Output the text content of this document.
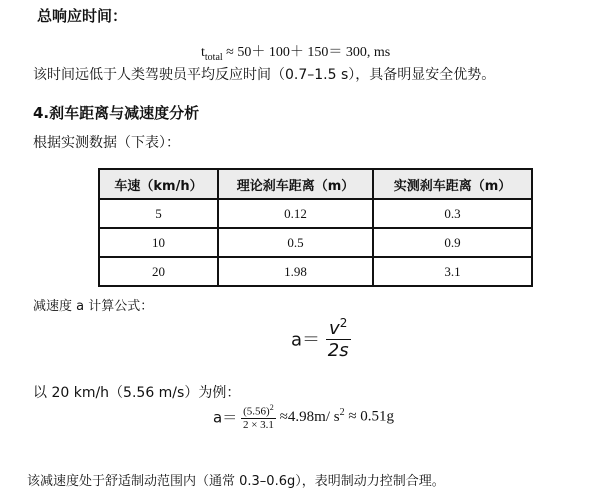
总响应时间：
$t_{total} \approx 50+ 100+ 150= 300$, ms
该时间远低于人类驾驶员平均反应时间（0.7–1.5 s），具备明显安全优势。
4.刹车距离与减速度分析
根据实测数据（下表）：
车速（km/h）	理论刹车距离（m）	实测刹车距离（m）
5	0.12	0.3
10	0.5	0.9
20	1.98	3.1
减速度 a 计算公式：
$a= \frac{v^2}{2s}$
以 20 km/h（5.56 m/s）为例：
$a= \frac{(5.56)^2}{2 \times 3.1} \approx 4.98m/$ $s^2 \approx 0.51g$
该减速度处于舒适制动范围内（通常 0.3–0.6g），表明制动力控制合理。
